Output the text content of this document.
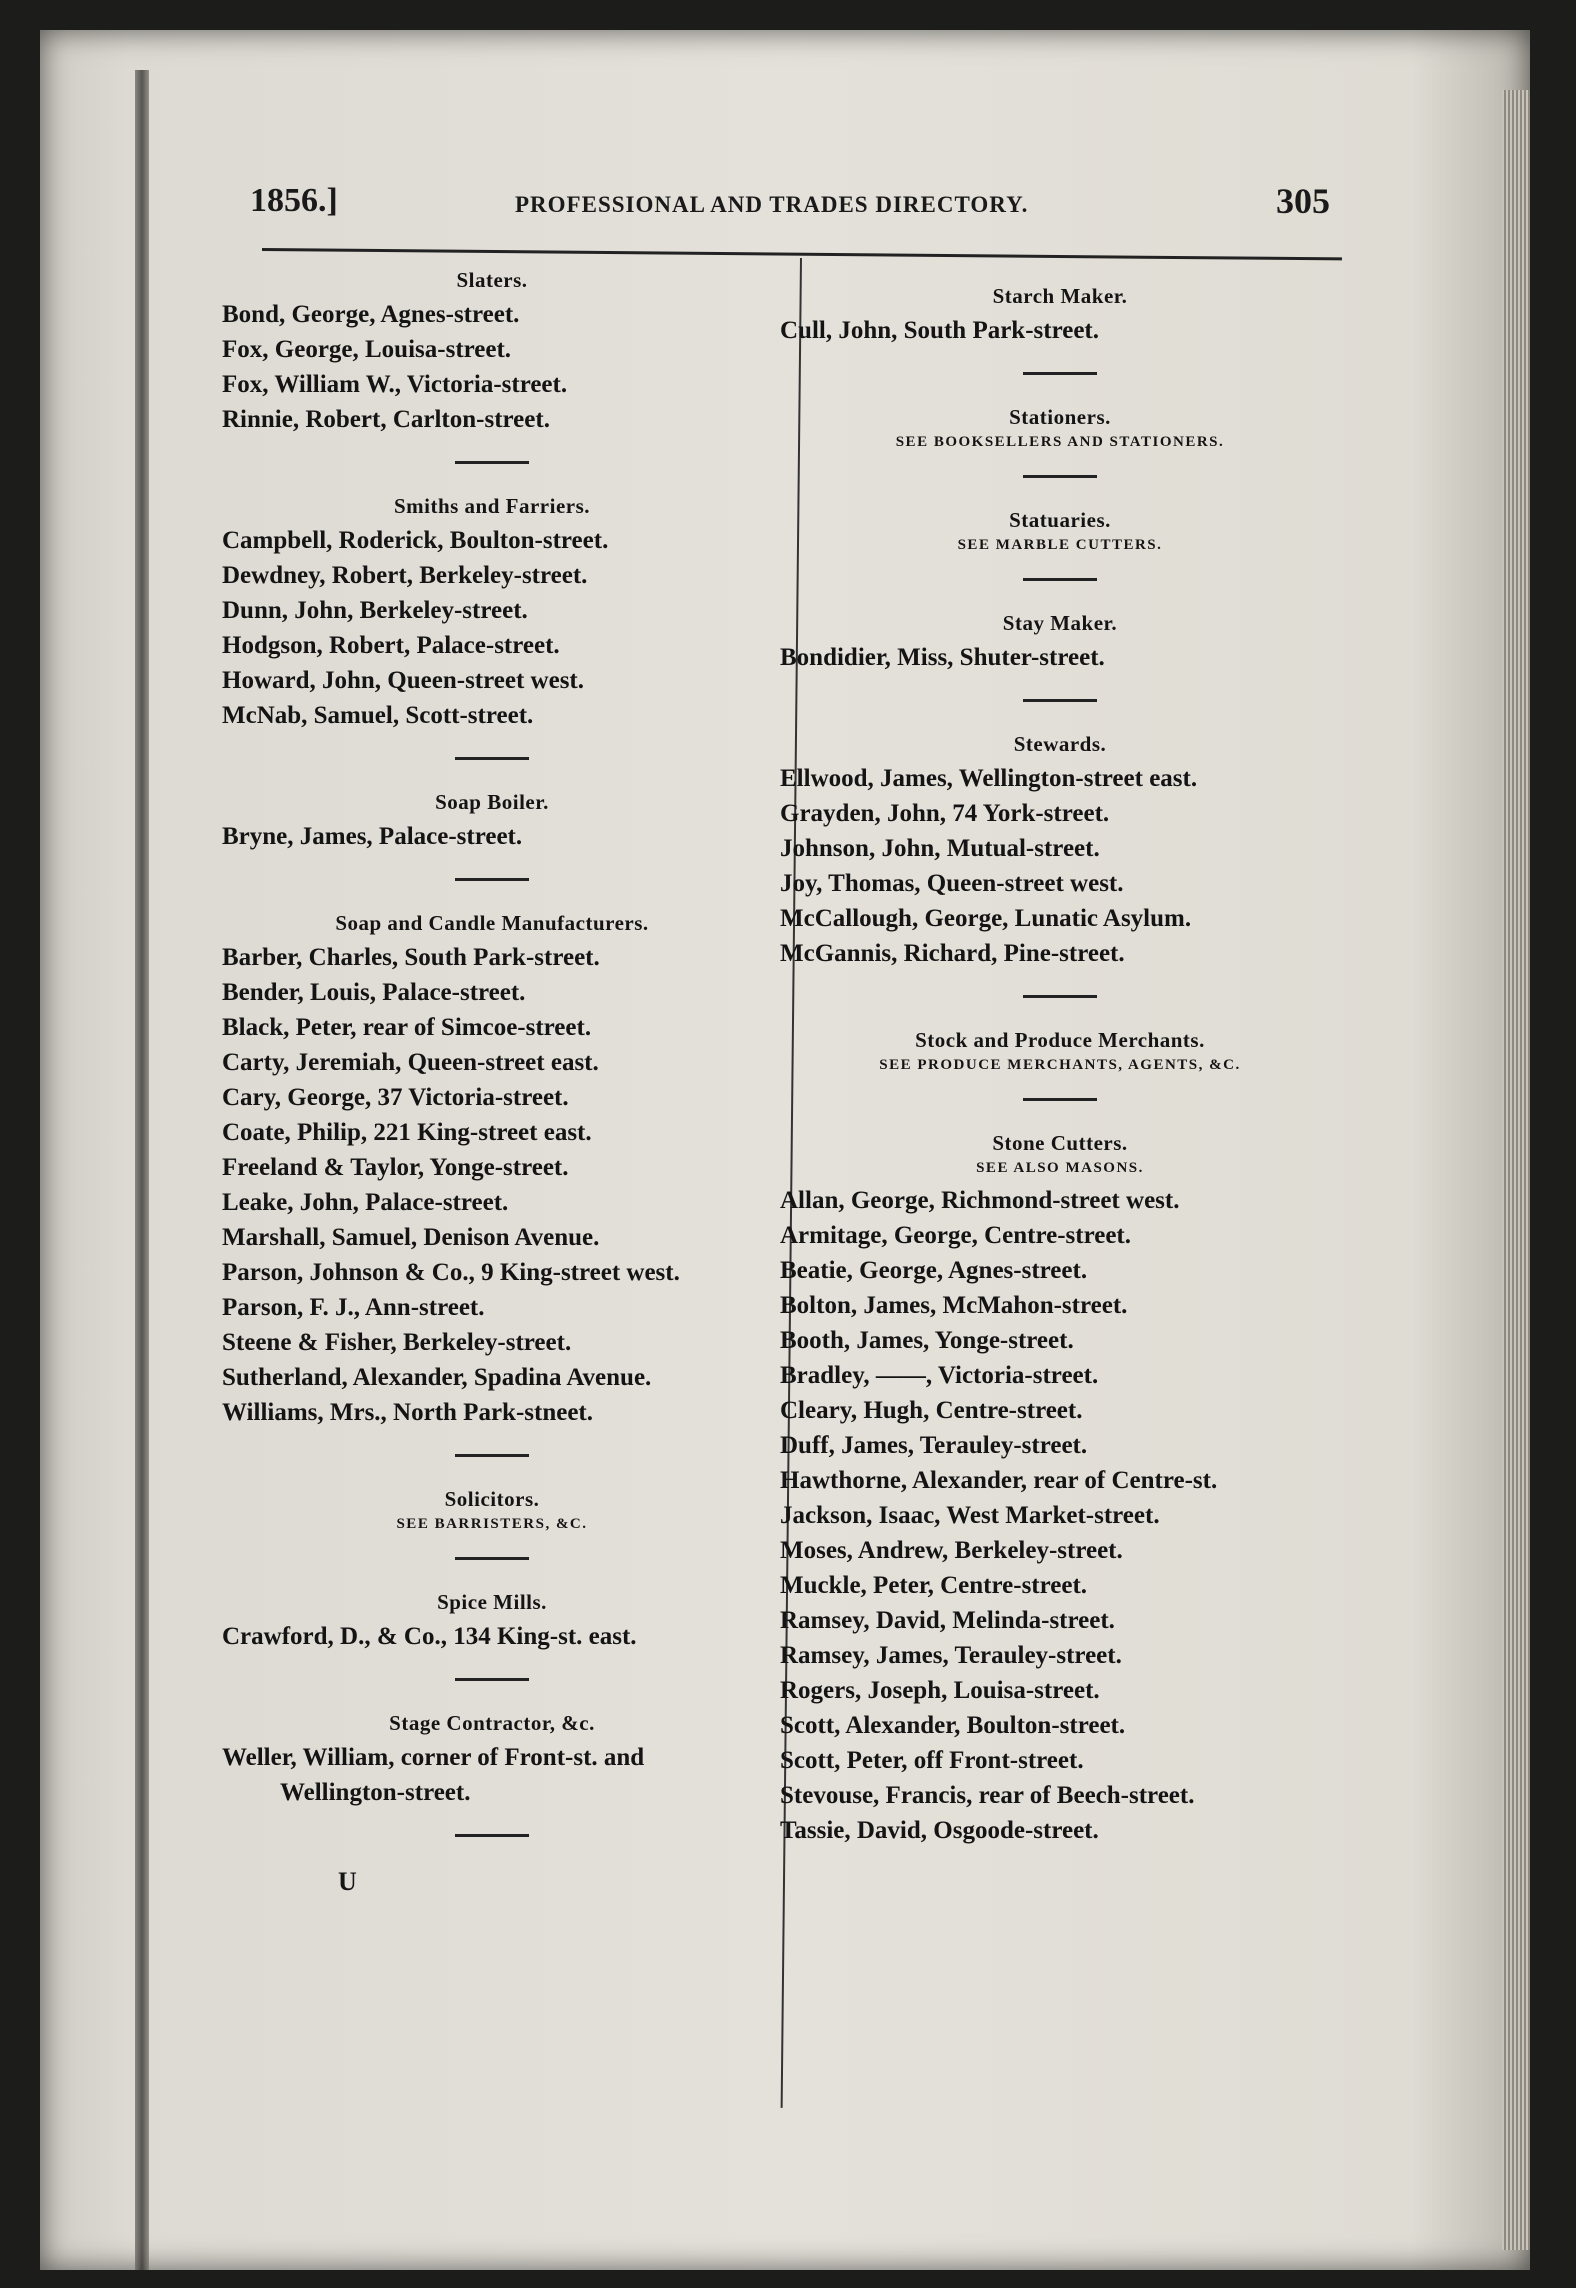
1856.]	PROFESSIONAL AND TRADES DIRECTORY.	305
Slaters.
Bond, George, Agnes-street.
Fox, George, Louisa-street.
Fox, William W., Victoria-street.
Rinnie, Robert, Carlton-street.
Smiths and Farriers.
Campbell, Roderick, Boulton-street.
Dewdney, Robert, Berkeley-street.
Dunn, John, Berkeley-street.
Hodgson, Robert, Palace-street.
Howard, John, Queen-street west.
McNab, Samuel, Scott-street.
Soap Boiler.
Bryne, James, Palace-street.
Soap and Candle Manufacturers.
Barber, Charles, South Park-street.
Bender, Louis, Palace-street.
Black, Peter, rear of Simcoe-street.
Carty, Jeremiah, Queen-street east.
Cary, George, 37 Victoria-street.
Coate, Philip, 221 King-street east.
Freeland & Taylor, Yonge-street.
Leake, John, Palace-street.
Marshall, Samuel, Denison Avenue.
Parson, Johnson & Co., 9 King-street west.
Parson, F. J., Ann-street.
Steene & Fisher, Berkeley-street.
Sutherland, Alexander, Spadina Avenue.
Williams, Mrs., North Park-stneet.
Solicitors.
SEE BARRISTERS, &C.
Spice Mills.
Crawford, D., & Co., 134 King-st. east.
Stage Contractor, &c.
Weller, William, corner of Front-st. and
Wellington-street.
U
Starch Maker.
Cull, John, South Park-street.
Stationers.
SEE BOOKSELLERS AND STATIONERS.
Statuaries.
SEE MARBLE CUTTERS.
Stay Maker.
Bondidier, Miss, Shuter-street.
Stewards.
Ellwood, James, Wellington-street east.
Grayden, John, 74 York-street.
Johnson, John, Mutual-street.
Joy, Thomas, Queen-street west.
McCallough, George, Lunatic Asylum.
McGannis, Richard, Pine-street.
Stock and Produce Merchants.
SEE PRODUCE MERCHANTS, AGENTS, &C.
Stone Cutters.
SEE ALSO MASONS.
Allan, George, Richmond-street west.
Armitage, George, Centre-street.
Beatie, George, Agnes-street.
Bolton, James, McMahon-street.
Booth, James, Yonge-street.
Bradley, ——, Victoria-street.
Cleary, Hugh, Centre-street.
Duff, James, Terauley-street.
Hawthorne, Alexander, rear of Centre-st.
Jackson, Isaac, West Market-street.
Moses, Andrew, Berkeley-street.
Muckle, Peter, Centre-street.
Ramsey, David, Melinda-street.
Ramsey, James, Terauley-street.
Rogers, Joseph, Louisa-street.
Scott, Alexander, Boulton-street.
Scott, Peter, off Front-street.
Stevouse, Francis, rear of Beech-street.
Tassie, David, Osgoode-street.
